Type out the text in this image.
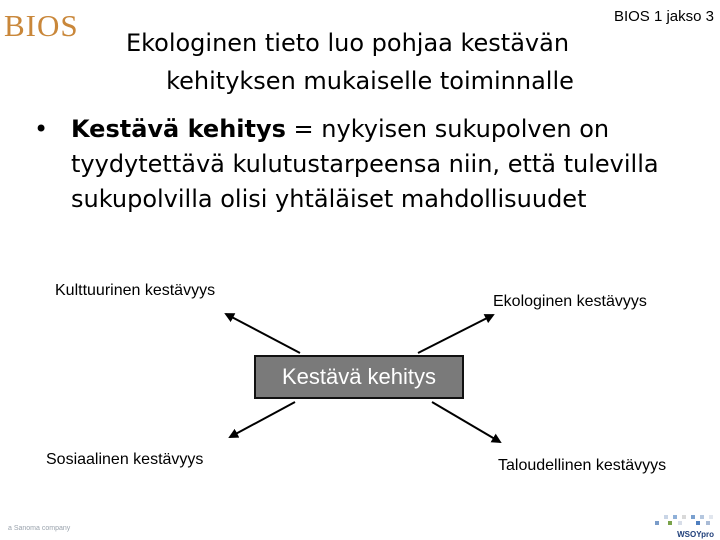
BIOS	BIOS 1 jakso 3
Ekologinen tieto luo pohjaa kestävän
kehityksen mukaiselle toiminnalle
• Kestävä kehitys = nykyisen sukupolven on tyydytettävä kulutustarpeensa niin, että tulevilla sukupolvilla olisi yhtäläiset mahdollisuudet
Kulttuurinen kestävyys
Ekologinen kestävyys
Kestävä kehitys
Sosiaalinen kestävyys	Taloudellinen kestävyys
a Sanoma company
WSOYpro
